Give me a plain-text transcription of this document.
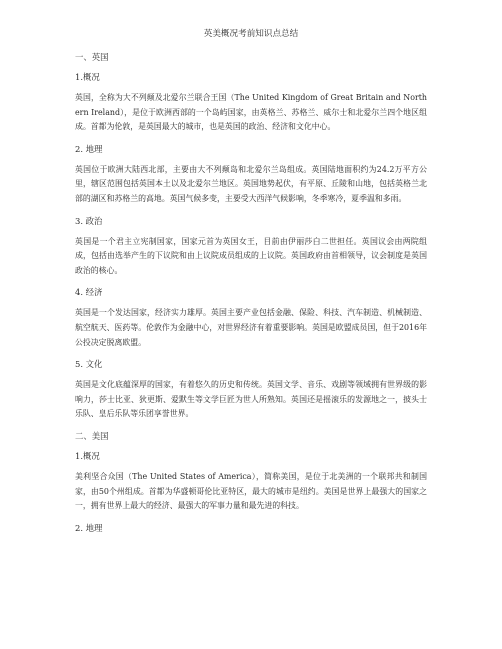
英美概况考前知识点总结
一、英国
1.概况
英国，全称为大不列颠及北爱尔兰联合王国（The United Kingdom of Great Britain and Northern Ireland），是位于欧洲西部的一个岛屿国家，由英格兰、苏格兰、威尔士和北爱尔兰四个地区组成。首都为伦敦，是英国最大的城市，也是英国的政治、经济和文化中心。
2. 地理
英国位于欧洲大陆西北部，主要由大不列颠岛和北爱尔兰岛组成。英国陆地面积约为24.2万平方公里，辖区范围包括英国本土以及北爱尔兰地区。英国地势起伏，有平原、丘陵和山地，包括英格兰北部的湖区和苏格兰的高地。英国气候多变，主要受大西洋气候影响，冬季寒冷，夏季温和多雨。
3. 政治
英国是一个君主立宪制国家，国家元首为英国女王，目前由伊丽莎白二世担任。英国议会由两院组成，包括由选举产生的下议院和由上议院成员组成的上议院。英国政府由首相领导，议会制度是英国政治的核心。
4. 经济
英国是一个发达国家，经济实力雄厚。英国主要产业包括金融、保险、科技、汽车制造、机械制造、航空航天、医药等。伦敦作为金融中心，对世界经济有着重要影响。英国是欧盟成员国，但于2016年公投决定脱离欧盟。
5. 文化
英国是文化底蕴深厚的国家，有着悠久的历史和传统。英国文学、音乐、戏剧等领域拥有世界级的影响力，莎士比亚、狄更斯、爱默生等文学巨匠为世人所熟知。英国还是摇滚乐的发源地之一，披头士乐队、皇后乐队等乐团享誉世界。
二、美国
1.概况
美利坚合众国（The United States of America），简称美国，是位于北美洲的一个联邦共和制国家，由50个州组成。首都为华盛顿哥伦比亚特区，最大的城市是纽约。美国是世界上最强大的国家之一，拥有世界上最大的经济、最强大的军事力量和最先进的科技。
2. 地理
